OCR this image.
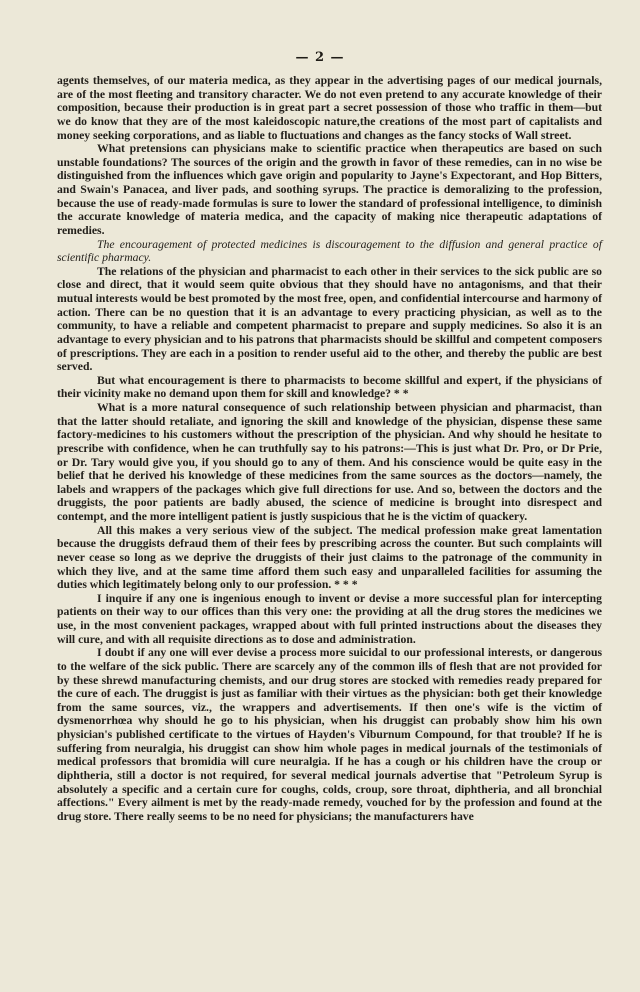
— 2 —

agents themselves, of our materia medica, as they appear in the advertising pages of our medical journals, are of the most fleeting and transitory character. We do not even pretend to any accurate knowledge of their composition, because their production is in great part a secret possession of those who traffic in them—but we do know that they are of the most kaleidoscopic nature,the creations of the most part of capitalists and money seeking corporations, and as liable to fluctuations and changes as the fancy stocks of Wall street.

What pretensions can physicians make to scientific practice when therapeutics are based on such unstable foundations? The sources of the origin and the growth in favor of these remedies, can in no wise be distinguished from the influences which gave origin and popularity to Jayne's Expectorant, and Hop Bitters, and Swain's Panacea, and liver pads, and soothing syrups. The practice is demoralizing to the profession, because the use of ready-made formulas is sure to lower the standard of professional intelligence, to diminish the accurate knowledge of materia medica, and the capacity of making nice therapeutic adaptations of remedies.

The encouragement of protected medicines is discouragement to the diffusion and general practice of scientific pharmacy.

The relations of the physician and pharmacist to each other in their services to the sick public are so close and direct, that it would seem quite obvious that they should have no antagonisms, and that their mutual interests would be best promoted by the most free, open, and confidential intercourse and harmony of action. There can be no question that it is an advantage to every practicing physician, as well as to the community, to have a reliable and competent pharmacist to prepare and supply medicines. So also it is an advantage to every physician and to his patrons that pharmacists should be skillful and competent composers of prescriptions. They are each in a position to render useful aid to the other, and thereby the public are best served.

But what encouragement is there to pharmacists to become skillful and expert, if the physicians of their vicinity make no demand upon them for skill and knowledge? * *

What is a more natural consequence of such relationship between physician and pharmacist, than that the latter should retaliate, and ignoring the skill and knowledge of the physician, dispense these same factory-medicines to his customers without the prescription of the physician. And why should he hesitate to prescribe with confidence, when he can truthfully say to his patrons:—This is just what Dr. Pro, or Dr Prie, or Dr. Tary would give you, if you should go to any of them. And his conscience would be quite easy in the belief that he derived his knowledge of these medicines from the same sources as the doctors—namely, the labels and wrappers of the packages which give full directions for use. And so, between the doctors and the druggists, the poor patients are badly abused, the science of medicine is brought into disrespect and contempt, and the more intelligent patient is justly suspicious that he is the victim of quackery.

All this makes a very serious view of the subject. The medical profession make great lamentation because the druggists defraud them of their fees by prescribing across the counter. But such complaints will never cease so long as we deprive the druggists of their just claims to the patronage of the community in which they live, and at the same time afford them such easy and unparalleled facilities for assuming the duties which legitimately belong only to our profession. * * *

I inquire if any one is ingenious enough to invent or devise a more successful plan for intercepting patients on their way to our offices than this very one: the providing at all the drug stores the medicines we use, in the most convenient packages, wrapped about with full printed instructions about the diseases they will cure, and with all requisite directions as to dose and administration.

I doubt if any one will ever devise a process more suicidal to our professional interests, or dangerous to the welfare of the sick public. There are scarcely any of the common ills of flesh that are not provided for by these shrewd manufacturing chemists, and our drug stores are stocked with remedies ready prepared for the cure of each. The druggist is just as familiar with their virtues as the physician: both get their knowledge from the same sources, viz., the wrappers and advertisements. If then one's wife is the victim of dysmenorrhœa why should he go to his physician, when his druggist can probably show him his own physician's published certificate to the virtues of Hayden's Viburnum Compound, for that trouble? If he is suffering from neuralgia, his druggist can show him whole pages in medical journals of the testimonials of medical professors that bromidia will cure neuralgia. If he has a cough or his children have the croup or diphtheria, still a doctor is not required, for several medical journals advertise that "Petroleum Syrup is absolutely a specific and a certain cure for coughs, colds, croup, sore throat, diphtheria, and all bronchial affections." Every ailment is met by the ready-made remedy, vouched for by the profession and found at the drug store. There really seems to be no need for physicians; the manufacturers have
